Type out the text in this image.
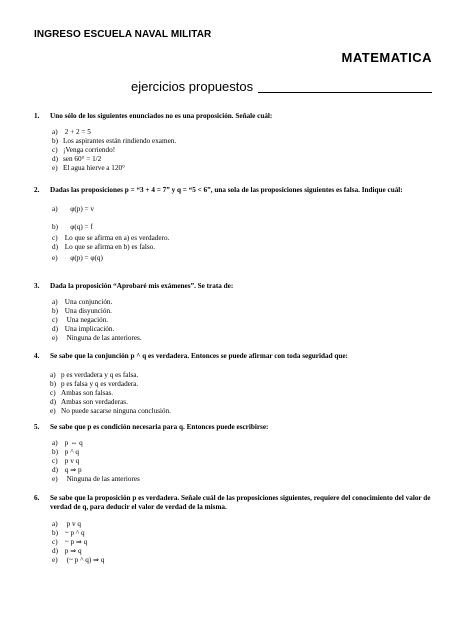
INGRESO ESCUELA NAVAL MILITAR
MATEMATICA
ejercicios propuestos
1.	Uno sólo de los siguientes enunciados no es una proposición. Señale cuál:
a) 2 + 2 = 5
b) Los aspirantes están rindiendo examen.
c) ¡Venga corriendo!
d) sen 60° = 1/2
e) El agua hierve a 120°
2.	Dadas las proposiciones p = “3 + 4 = 7” y q = “5 < 6”, una sola de las proposiciones siguientes es falsa. Indique cuál:
a) φ(p) = v
b) φ(q) = f
c) Lo que se afirma en a) es verdadero.
d) Lo que se afirma en b) es falso.
e) φ(p) = φ(q)
3.	Dada la proposición “Aprobaré mis exámenes”. Se trata de:
a) Una conjunción.
b) Una disyunción.
c) Una negación.
d) Una implicación.
e) Ninguna de las anteriores.
4.	Se sabe que la conjunción p ^ q es verdadera. Entonces se puede afirmar con toda seguridad que:
a) p es verdadera y q es falsa.
b) p es falsa y q es verdadera.
c) Ambas son falsas.
d) Ambas son verdaderas.
e) No puede sacarse ninguna conclusión.
5.	Se sabe que p es condición necesaria para q. Entonces puede escribirse:
a) p ⇔ q
b) p ^ q
c) p v q
d) q ⇒ p
e) Ninguna de las anteriores
6.	Se sabe que la proposición p es verdadera. Señale cuál de las proposiciones siguientes, requiere del conocimiento del valor de verdad de q, para deducir el valor de verdad de la misma.
a) p v q
b) ~ p ^ q
c) ~ p ⇒ q
d) p ⇒ q
e) (~ p ^ q) ⇒ q
